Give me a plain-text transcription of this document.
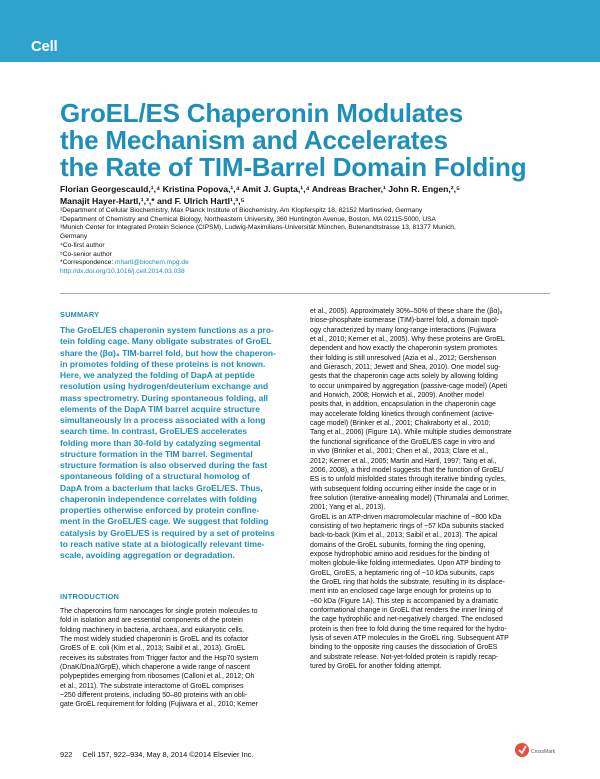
Cell
GroEL/ES Chaperonin Modulates
the Mechanism and Accelerates
the Rate of TIM-Barrel Domain Folding
Florian Georgescauld,¹,⁴ Kristina Popova,¹,⁴ Amit J. Gupta,¹,⁴ Andreas Bracher,¹ John R. Engen,²,⁵
Manajit Hayer-Hartl,¹,³,* and F. Ulrich Hartl¹,³,⁵
¹Department of Cellular Biochemistry, Max Planck Institute of Biochemistry, Am Klopferspitz 18, 82152 Martinsried, Germany
²Department of Chemistry and Chemical Biology, Northeastern University, 360 Huntington Avenue, Boston, MA 02115-5000, USA
³Munich Center for Integrated Protein Science (CIPSM), Ludwig-Maximilians-Universität München, Butenandtstrasse 13, 81377 Munich,
Germany
⁴Co-first author
⁵Co-senior author
*Correspondence: mhartl@biochem.mpg.de
http://dx.doi.org/10.1016/j.cell.2014.03.038
SUMMARY
The GroEL/ES chaperonin system functions as a pro-
tein folding cage. Many obligate substrates of GroEL
share the (βα)₈ TIM-barrel fold, but how the chaperon-
in promotes folding of these proteins is not known.
Here, we analyzed the folding of DapA at peptide
resolution using hydrogen/deuterium exchange and
mass spectrometry. During spontaneous folding, all
elements of the DapA TIM barrel acquire structure
simultaneously in a process associated with a long
search time. In contrast, GroEL/ES accelerates
folding more than 30-fold by catalyzing segmental
structure formation in the TIM barrel. Segmental
structure formation is also observed during the fast
spontaneous folding of a structural homolog of
DapA from a bacterium that lacks GroEL/ES. Thus,
chaperonin independence correlates with folding
properties otherwise enforced by protein confine-
ment in the GroEL/ES cage. We suggest that folding
catalysis by GroEL/ES is required by a set of proteins
to reach native state at a biologically relevant time-
scale, avoiding aggregation or degradation.
INTRODUCTION
The chaperonins form nanocages for single protein molecules to
fold in isolation and are essential components of the protein
folding machinery in bacteria, archaea, and eukaryotic cells.
The most widely studied chaperonin is GroEL and its cofactor
GroES of E. coli (Kim et al., 2013; Saibil et al., 2013). GroEL
receives its substrates from Trigger factor and the Hsp70 system
(DnaK/DnaJ/GrpE), which chaperone a wide range of nascent
polypeptides emerging from ribosomes (Calloni et al., 2012; Oh
et al., 2011). The substrate interactome of GroEL comprises
~250 different proteins, including 50–80 proteins with an obli-
gate GroEL requirement for folding (Fujiwara et al., 2010; Kerner
et al., 2005). Approximately 30%–50% of these share the (βα)₈
triose-phosphate isomerase (TIM)-barrel fold, a domain topol-
ogy characterized by many long-range interactions (Fujiwara
et al., 2010; Kerner et al., 2005). Why these proteins are GroEL
dependent and how exactly the chaperonin system promotes
their folding is still unresolved (Azia et al., 2012; Gershenson
and Gierasch, 2011; Jewett and Shea, 2010). One model sug-
gests that the chaperonin cage acts solely by allowing folding
to occur unimpaired by aggregation (passive-cage model) (Apeti
and Horwich, 2008; Horwich et al., 2009). Another model
posits that, in addition, encapsulation in the chaperonin cage
may accelerate folding kinetics through confinement (active-
cage model) (Brinker et al., 2001; Chakraborty et al., 2010;
Tang et al., 2006) (Figure 1A). While multiple studies demonstrate
the functional significance of the GroEL/ES cage in vitro and
in vivo (Brinker et al., 2001; Chen et al., 2013; Clare et al.,
2012; Kerner et al., 2005; Martin and Hartl, 1997; Tang et al.,
2006, 2008), a third model suggests that the function of GroEL/
ES is to unfold misfolded states through iterative binding cycles,
with subsequent folding occurring either inside the cage or in
free solution (iterative-annealing model) (Thirumalai and Lorimer,
2001; Yang et al., 2013).
GroEL is an ATP-driven macromolecular machine of ~800 kDa
consisting of two heptameric rings of ~57 kDa subunits stacked
back-to-back (Kim et al., 2013; Saibil et al., 2013). The apical
domains of the GroEL subunits, forming the ring opening,
expose hydrophobic amino acid residues for the binding of
molten globule-like folding intermediates. Upon ATP binding to
GroEL, GroES, a heptameric ring of ~10 kDa subunits, caps
the GroEL ring that holds the substrate, resulting in its displace-
ment into an enclosed cage large enough for proteins up to
~60 kDa (Figure 1A). This step is accompanied by a dramatic
conformational change in GroEL that renders the inner lining of
the cage hydrophilic and net-negatively charged. The enclosed
protein is then free to fold during the time required for the hydro-
lysis of seven ATP molecules in the GroEL ring. Subsequent ATP
binding to the opposite ring causes the dissociation of GroES
and substrate release. Not-yet-folded protein is rapidly recap-
tured by GroEL for another folding attempt.
922 Cell 157, 922–934, May 8, 2014 ©2014 Elsevier Inc.	CrossMark
